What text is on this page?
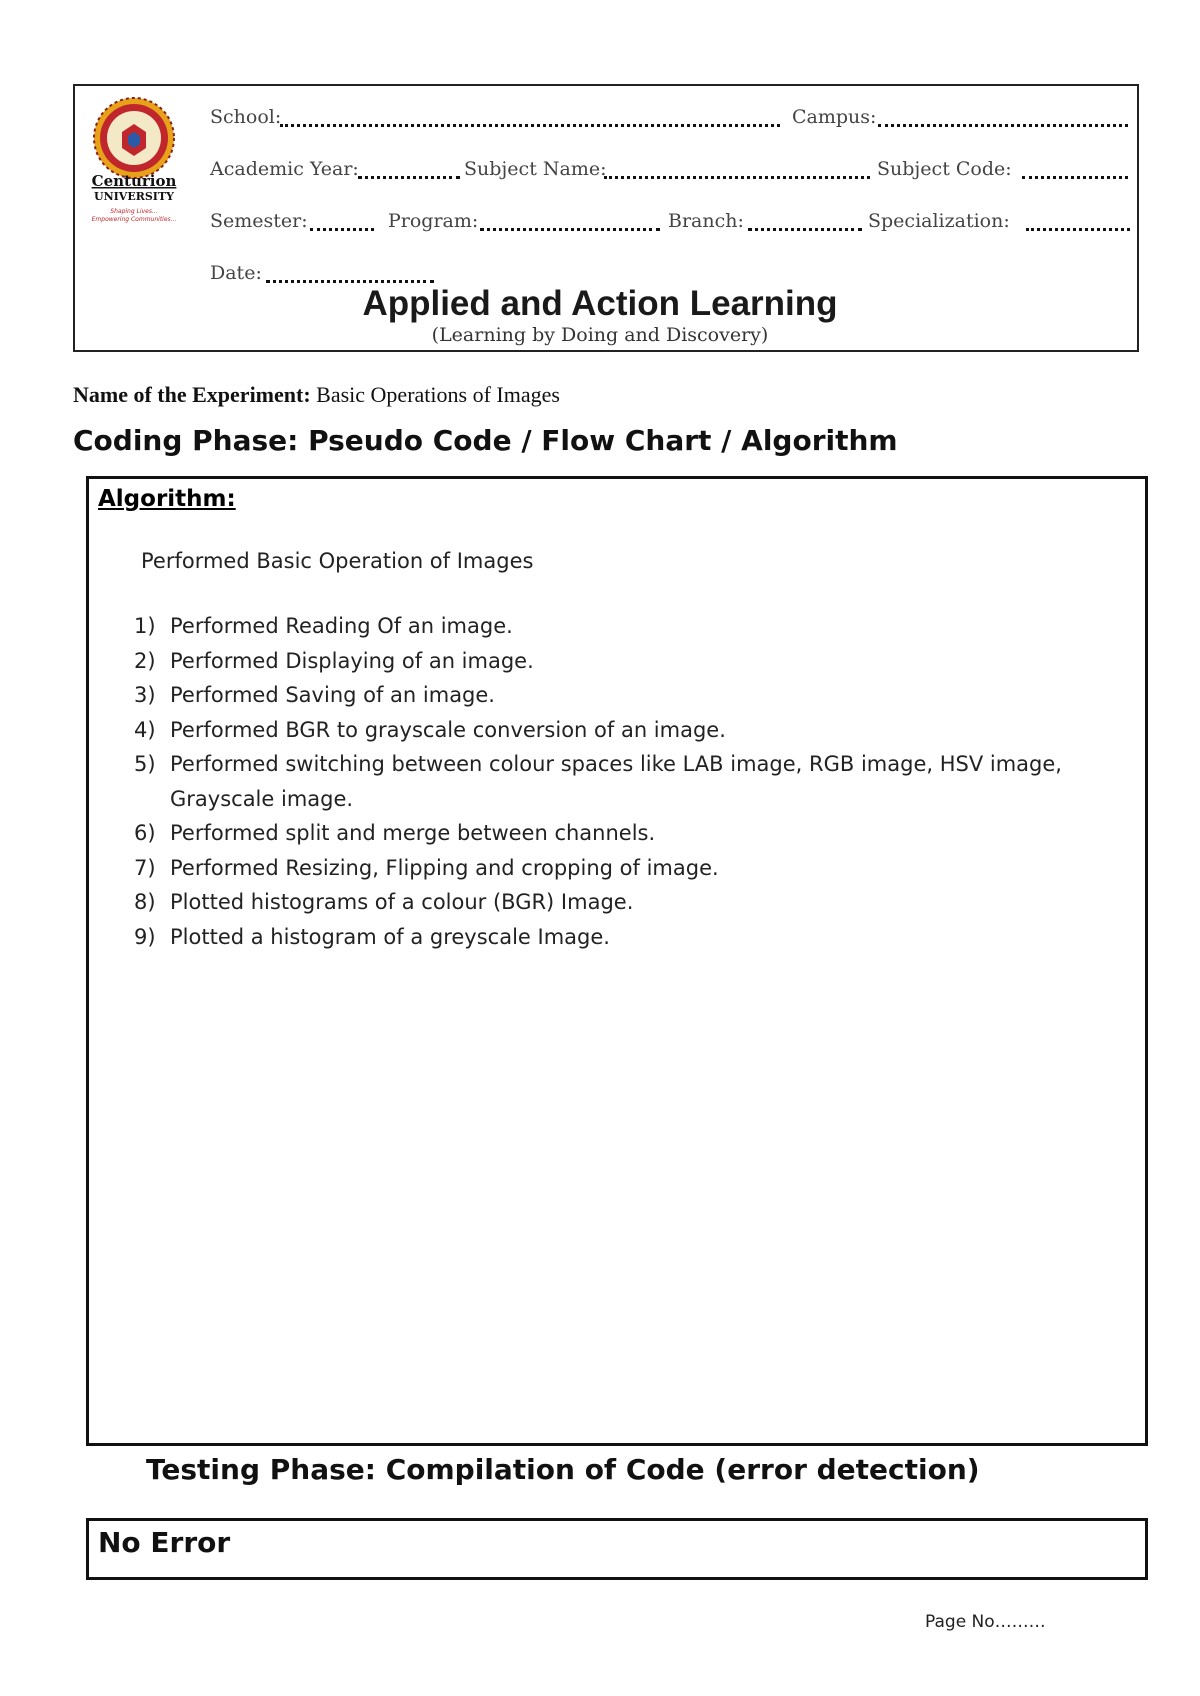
Centurion
UNIVERSITY
Shaping Lives...
Empowering Communities...
School:	Campus:
Academic Year:	Subject Name:	Subject Code:
Semester:	Program:	Branch:	Specialization:
Date:
Applied and Action Learning
(Learning by Doing and Discovery)
Name of the Experiment: Basic Operations of Images
Coding Phase: Pseudo Code / Flow Chart / Algorithm
Algorithm:
Performed Basic Operation of Images
1) Performed Reading Of an image.
2) Performed Displaying of an image.
3) Performed Saving of an image.
4) Performed BGR to grayscale conversion of an image.
5) Performed switching between colour spaces like LAB image, RGB image, HSV image, Grayscale image.
6) Performed split and merge between channels.
7) Performed Resizing, Flipping and cropping of image.
8) Plotted histograms of a colour (BGR) Image.
9) Plotted a histogram of a greyscale Image.
Testing Phase: Compilation of Code (error detection)
No Error
Page No………
